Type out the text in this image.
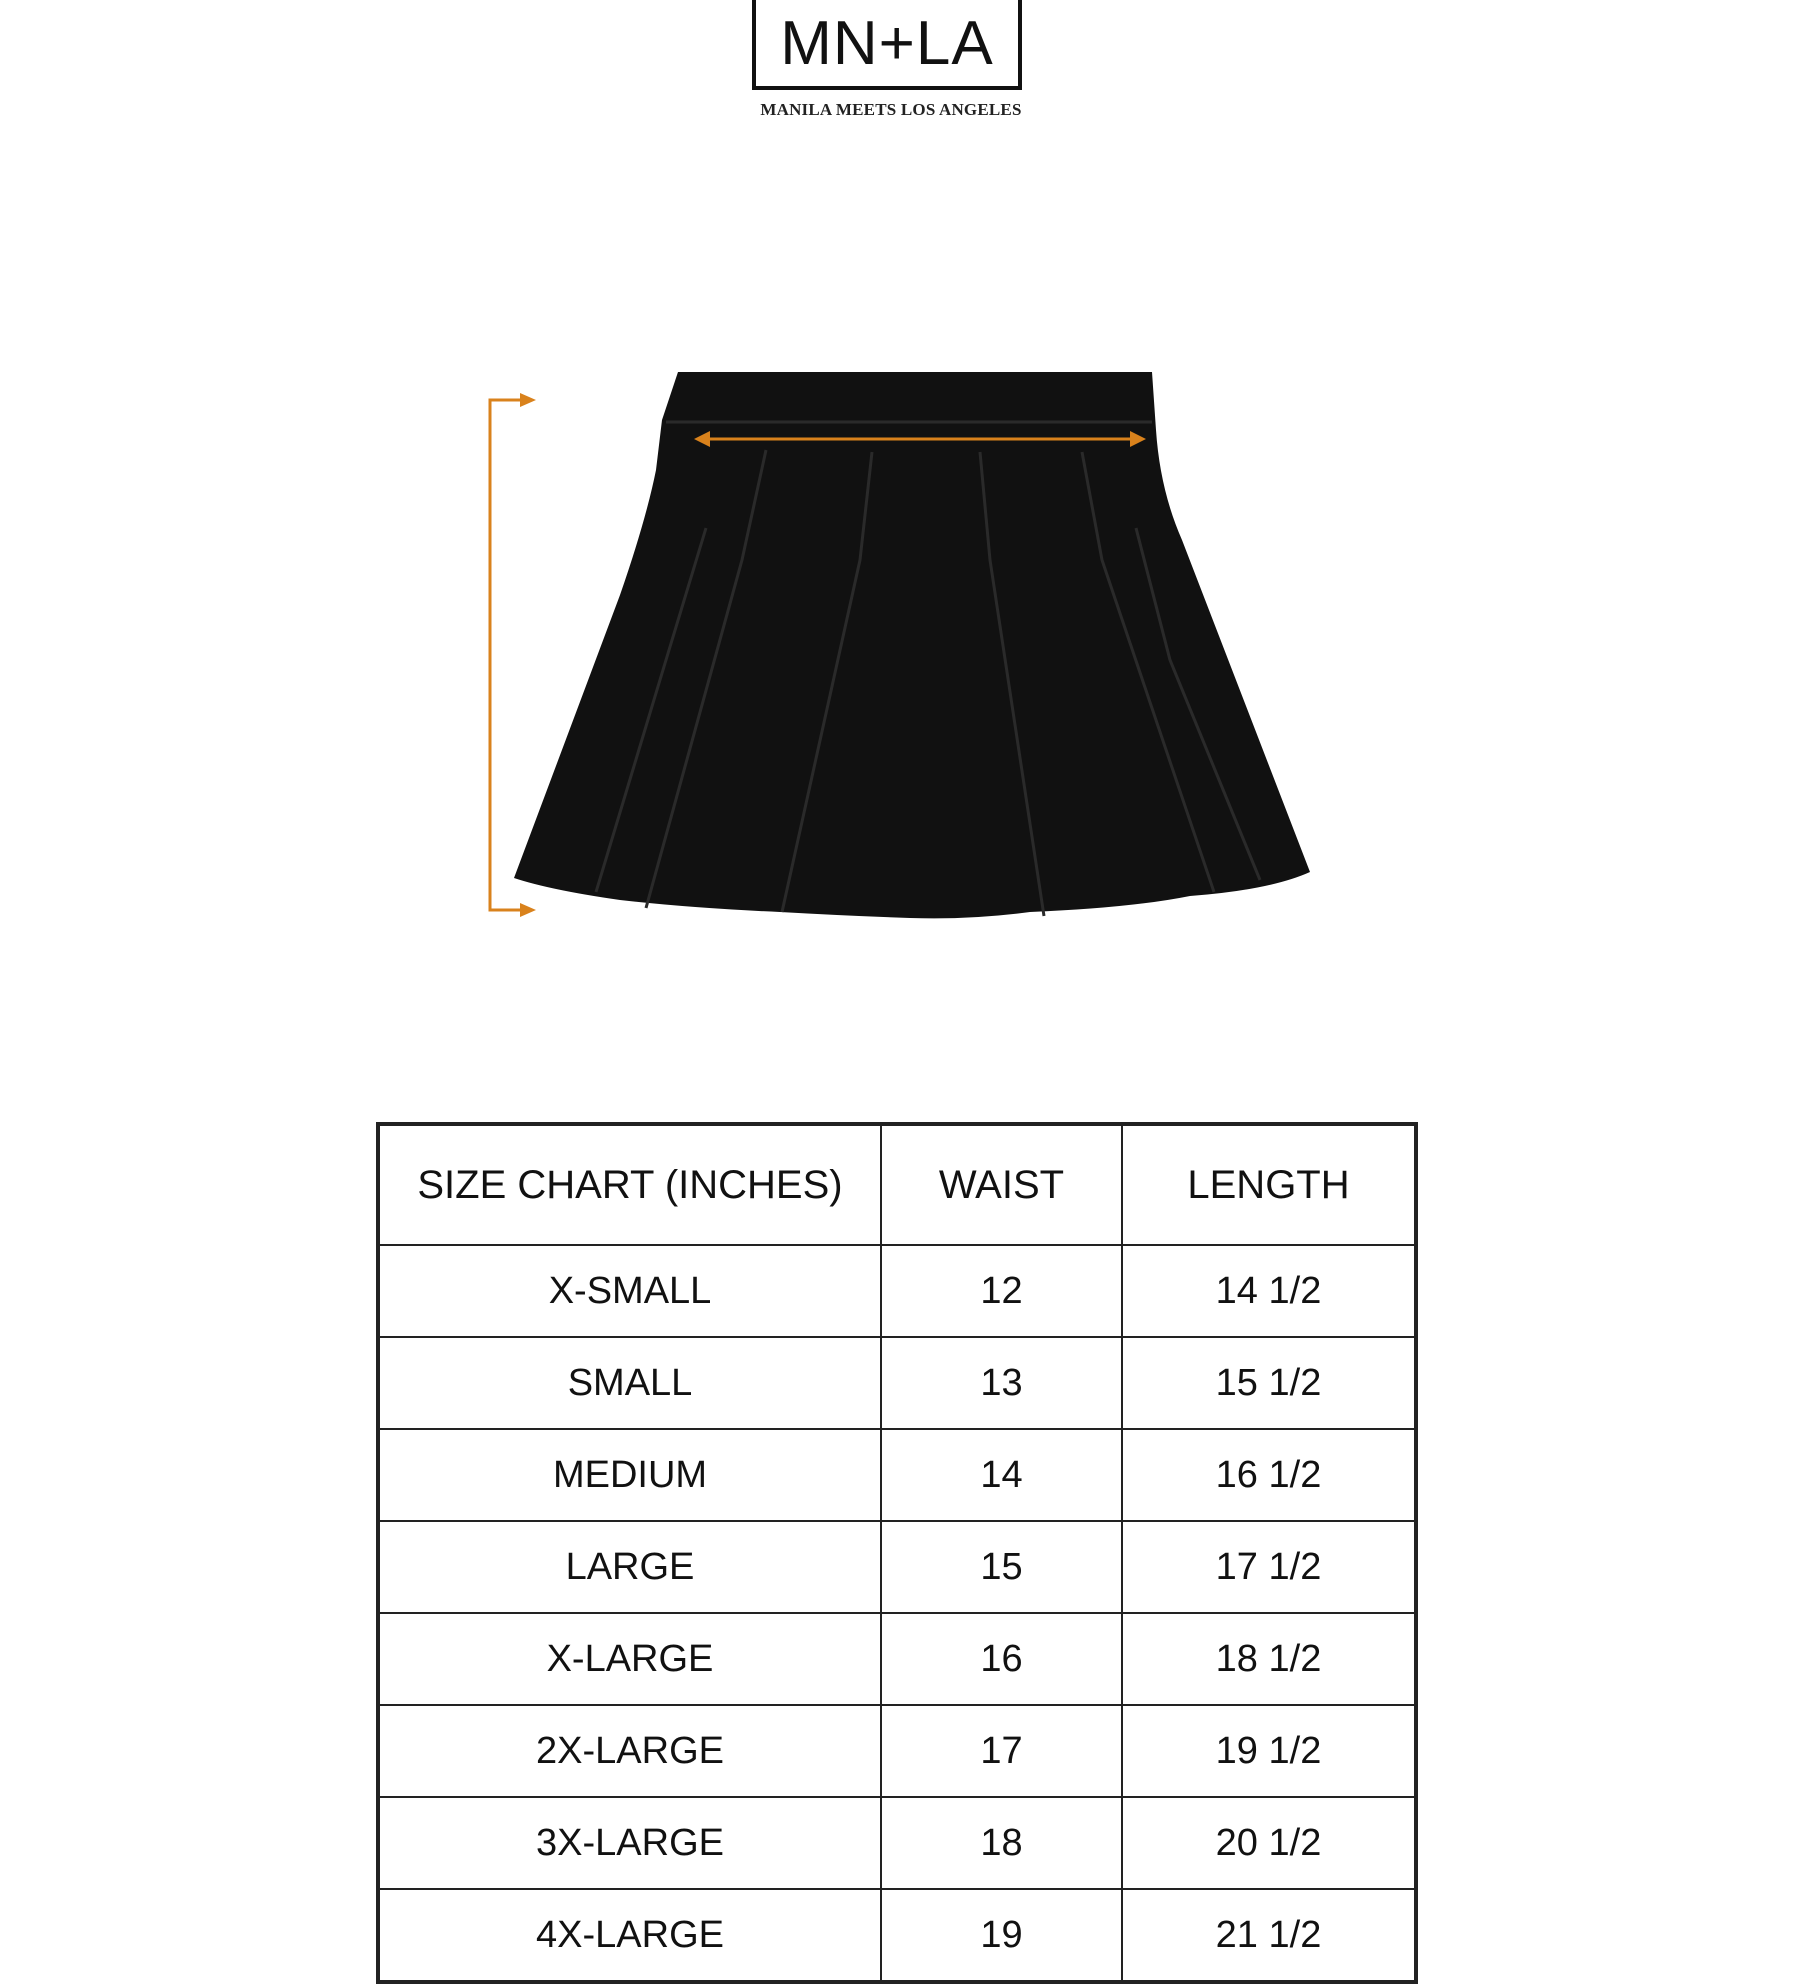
MN+LA
MANILA MEETS LOS ANGELES
SIZE CHART (INCHES)	WAIST	LENGTH
X-SMALL	12	14 1/2
SMALL	13	15 1/2
MEDIUM	14	16 1/2
LARGE	15	17 1/2
X-LARGE	16	18 1/2
2X-LARGE	17	19 1/2
3X-LARGE	18	20 1/2
4X-LARGE	19	21 1/2
